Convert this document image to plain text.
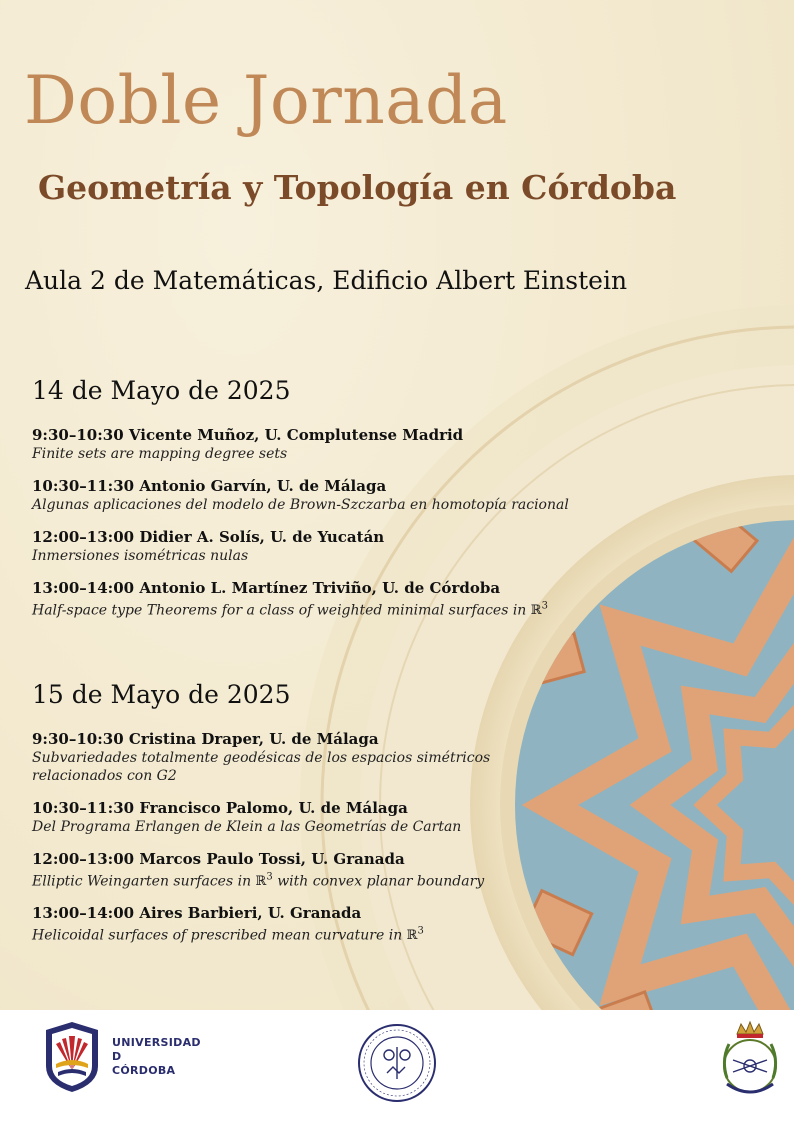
Doble Jornada
Geometría y Topología en Córdoba

Aula 2 de Matemáticas, Edificio Albert Einstein

14 de Mayo de 2025
9:30–10:30 Vicente Muñoz, U. Complutense Madrid
Finite sets are mapping degree sets
10:30–11:30 Antonio Garvín, U. de Málaga
Algunas aplicaciones del modelo de Brown-Szczarba en homotopía racional
12:00–13:00 Didier A. Solís, U. de Yucatán
Inmersiones isométricas nulas
13:00–14:00 Antonio L. Martínez Triviño, U. de Córdoba
Half-space type Theorems for a class of weighted minimal surfaces in ℝ$^3$
15 de Mayo de 2025
9:30–10:30 Cristina Draper, U. de Málaga
Subvariedades totalmente geodésicas de los espacios simétricos
relacionados con G2
10:30–11:30 Francisco Palomo, U. de Málaga
Del Programa Erlangen de Klein a las Geometrías de Cartan
12:00–13:00 Marcos Paulo Tossi, U. Granada
Elliptic Weingarten surfaces in ℝ$^3$ with convex planar boundary
13:00–14:00 Aires Barbieri, U. Granada
Helicoidal surfaces of prescribed mean curvature in ℝ$^3$
UNIVERSIDAD
D
CÓRDOBA
